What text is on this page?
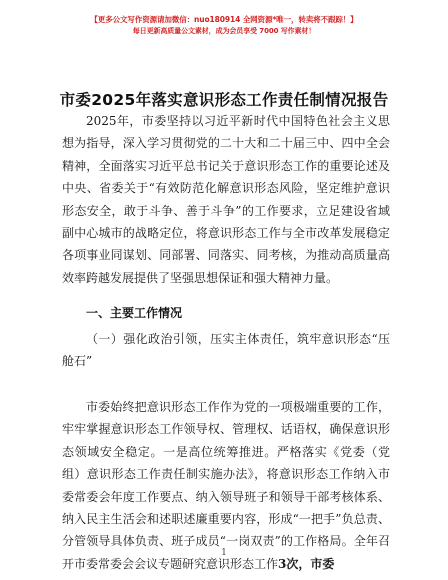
【更多公文写作资源请加微信：nuo180914 全网资源*唯一，转卖将不跟踪！】
每日更新高质量公文素材，成为会员享受 7000 写作素材！
市委2025年落实意识形态工作责任制情况报告
2025年，市委坚持以习近平新时代中国特色社会主义思想为指导，深入学习贯彻党的二十大和二十届三中、四中全会精神，全面落实习近平总书记关于意识形态工作的重要论述及中央、省委关于“有效防范化解意识形态风险，坚定维护意识形态安全，敢于斗争、善于斗争”的工作要求，立足建设省域副中心城市的战略定位，将意识形态工作与全市改革发展稳定各项事业同谋划、同部署、同落实、同考核，为推动高质量高效率跨越发展提供了坚强思想保证和强大精神力量。
一、主要工作情况
（一）强化政治引领，压实主体责任，筑牢意识形态“压舱石”
市委始终把意识形态工作作为党的一项极端重要的工作，牢牢掌握意识形态工作领导权、管理权、话语权，确保意识形态领域安全稳定。一是高位统筹推进。严格落实《党委（党组）意识形态工作责任制实施办法》，将意识形态工作纳入市委常委会年度工作要点、纳入领导班子和领导干部考核体系、纳入民主生活会和述职述廉重要内容，形成“一把手”负总责、分管领导具体负责、班子成员“一岗双责”的工作格局。全年召开市委常委会会议专题研究意识形态工作3次，市委
1
